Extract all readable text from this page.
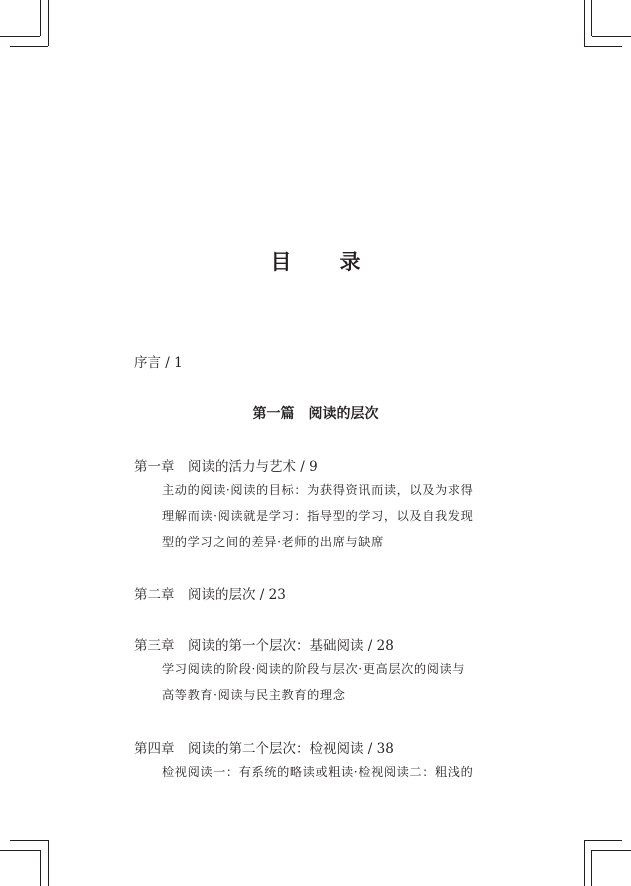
目 录
序言 / 1
第一篇　阅读的层次
第一章　阅读的活力与艺术 / 9
主动的阅读·阅读的目标：为获得资讯而读，以及为求得
理解而读·阅读就是学习：指导型的学习，以及自我发现
型的学习之间的差异·老师的出席与缺席
第二章　阅读的层次 / 23
第三章　阅读的第一个层次：基础阅读 / 28
学习阅读的阶段·阅读的阶段与层次·更高层次的阅读与
高等教育·阅读与民主教育的理念
第四章　阅读的第二个层次：检视阅读 / 38
检视阅读一：有系统的略读或粗读·检视阅读二：粗浅的
